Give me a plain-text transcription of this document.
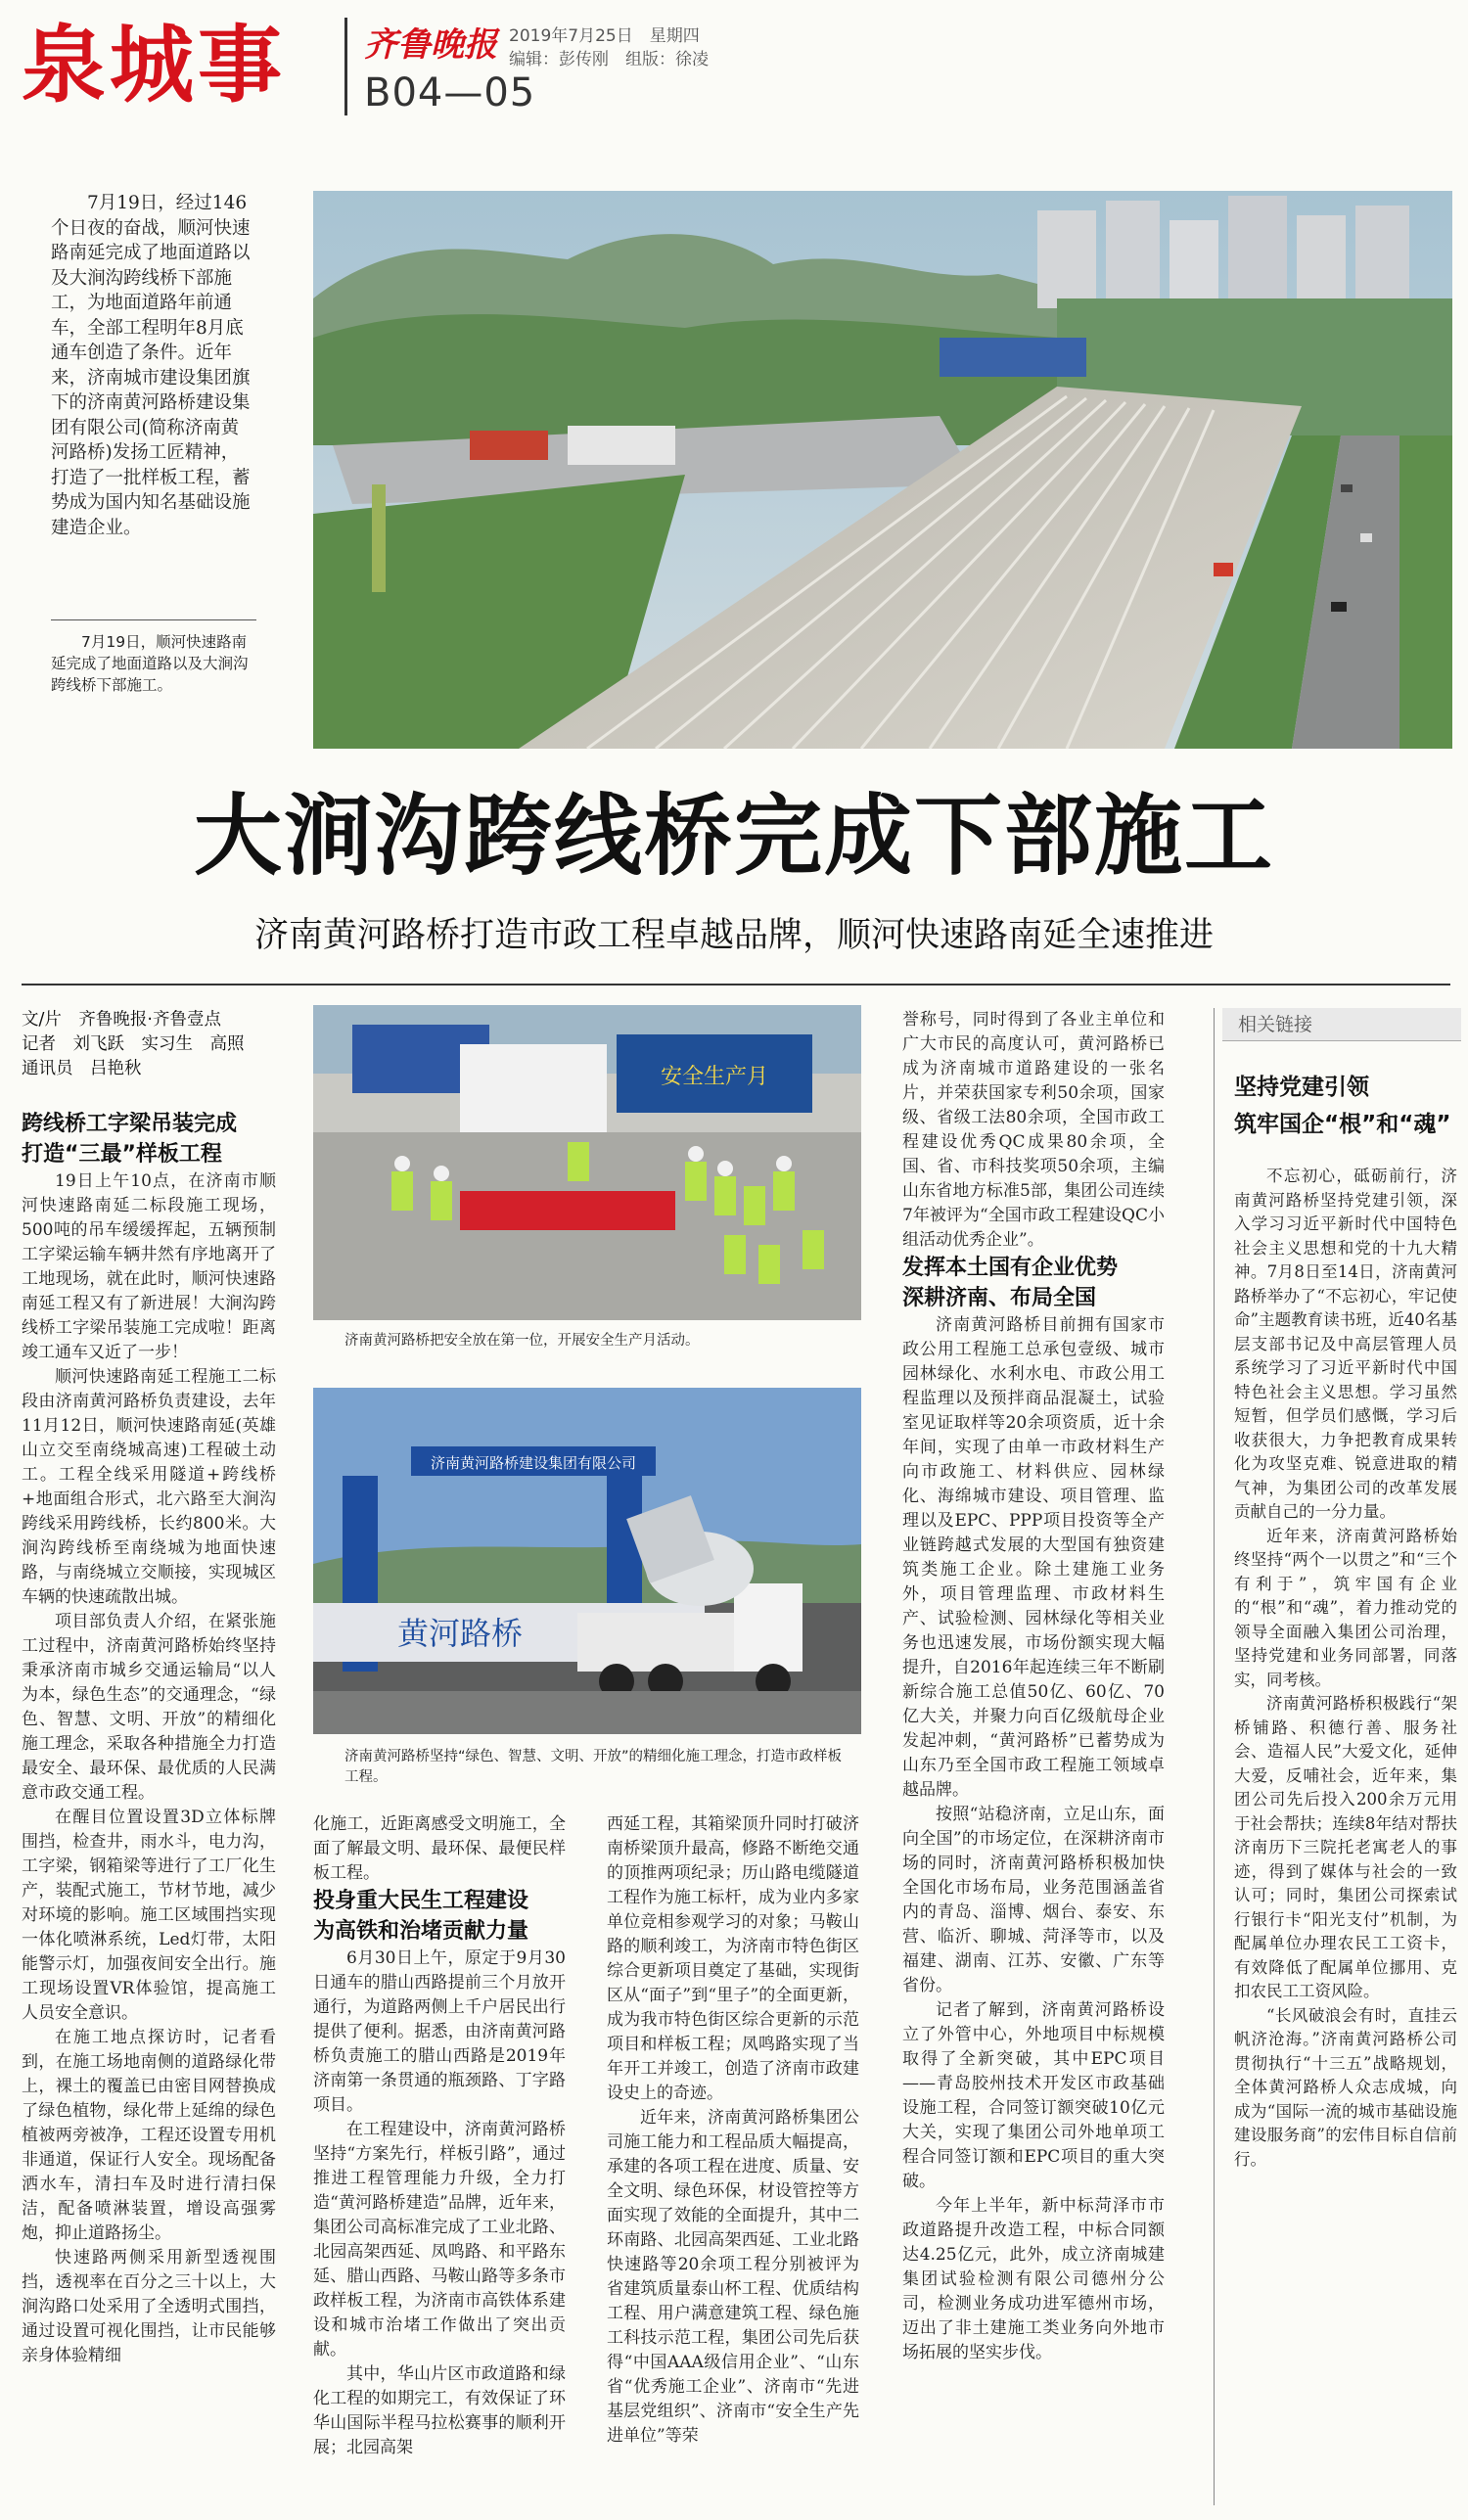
泉城事 齐鲁晚报
B04—05
2019年7月25日　星期四
编辑：彭传刚　组版：徐凌
7月19日，经过146个日夜的奋战，顺河快速路南延完成了地面道路以及大涧沟跨线桥下部施工，为地面道路年前通车，全部工程明年8月底通车创造了条件。近年来，济南城市建设集团旗下的济南黄河路桥建设集团有限公司(简称济南黄河路桥)发扬工匠精神，打造了一批样板工程，蓄势成为国内知名基础设施建造企业。
7月19日，顺河快速路南延完成了地面道路以及大涧沟跨线桥下部施工。
大涧沟跨线桥完成下部施工
济南黄河路桥打造市政工程卓越品牌，顺河快速路南延全速推进
文/片　齐鲁晚报·齐鲁壹点
记者　刘飞跃　实习生　高照
通讯员　吕艳秋

跨线桥工字梁吊装完成
打造“三最”样板工程

19日上午10点，在济南市顺河快速路南延二标段施工现场，500吨的吊车缓缓挥起，五辆预制工字梁运输车辆井然有序地离开了工地现场，就在此时，顺河快速路南延工程又有了新进展！大涧沟跨线桥工字梁吊装施工完成啦！距离竣工通车又近了一步！

顺河快速路南延工程施工二标段由济南黄河路桥负责建设，去年11月12日，顺河快速路南延(英雄山立交至南绕城高速)工程破土动工。工程全线采用隧道+跨线桥+地面组合形式，北六路至大涧沟跨线采用跨线桥，长约800米。大涧沟跨线桥至南绕城为地面快速路，与南绕城立交顺接，实现城区车辆的快速疏散出城。

项目部负责人介绍，在紧张施工过程中，济南黄河路桥始终坚持秉承济南市城乡交通运输局“以人为本，绿色生态”的交通理念，“绿色、智慧、文明、开放”的精细化施工理念，采取各种措施全力打造最安全、最环保、最优质的人民满意市政交通工程。

在醒目位置设置3D立体标牌围挡，检查井，雨水斗，电力沟，工字梁，钢箱梁等进行了工厂化生产，装配式施工，节材节地，减少对环境的影响。施工区域围挡实现一体化喷淋系统，Led灯带，太阳能警示灯，加强夜间安全出行。施工现场设置VR体验馆，提高施工人员安全意识。

在施工地点探访时，记者看到，在施工场地南侧的道路绿化带上，裸土的覆盖已由密目网替换成了绿色植物，绿化带上延绵的绿色植被两旁被净，工程还设置专用机非通道，保证行人安全。现场配备洒水车，清扫车及时进行清扫保洁，配备喷淋装置，增设高强雾炮，抑止道路扬尘。

快速路两侧采用新型透视围挡，透视率在百分之三十以上，大涧沟路口处采用了全透明式围挡，通过设置可视化围挡，让市民能够亲身体验精细

安全生产月
济南黄河路桥把安全放在第一位，开展安全生产月活动。
济南黄河路桥建设集团有限公司
黄河路桥
济南黄河路桥坚持“绿色、智慧、文明、开放”的精细化施工理念，打造市政样板工程。

化施工，近距离感受文明施工，全面了解最文明、最环保、最便民样板工程。

投身重大民生工程建设
为高铁和治堵贡献力量

6月30日上午，原定于9月30日通车的腊山西路提前三个月放开通行，为道路两侧上千户居民出行提供了便利。据悉，由济南黄河路桥负责施工的腊山西路是2019年济南第一条贯通的瓶颈路、丁字路项目。

在工程建设中，济南黄河路桥坚持“方案先行，样板引路”，通过推进工程管理能力升级，全力打造“黄河路桥建造”品牌，近年来，集团公司高标准完成了工业北路、北园高架西延、凤鸣路、和平路东延、腊山西路、马鞍山路等多条市政样板工程，为济南市高铁体系建设和城市治堵工作做出了突出贡献。

其中，华山片区市政道路和绿化工程的如期完工，有效保证了环华山国际半程马拉松赛事的顺利开展；北园高架

西延工程，其箱梁顶升同时打破济南桥梁顶升最高，修路不断绝交通的顶推两项纪录；历山路电缆隧道工程作为施工标杆，成为业内多家单位竞相参观学习的对象；马鞍山路的顺利竣工，为济南市特色街区综合更新项目奠定了基础，实现街区从“面子”到“里子”的全面更新，成为我市特色街区综合更新的示范项目和样板工程；凤鸣路实现了当年开工并竣工，创造了济南市政建设史上的奇迹。

近年来，济南黄河路桥集团公司施工能力和工程品质大幅提高，承建的各项工程在进度、质量、安全文明、绿色环保，材设管控等方面实现了效能的全面提升，其中二环南路、北园高架西延、工业北路快速路等20余项工程分别被评为省建筑质量泰山杯工程、优质结构工程、用户满意建筑工程、绿色施工科技示范工程，集团公司先后获得“中国AAA级信用企业”、“山东省“优秀施工企业”、济南市“先进基层党组织”、济南市“安全生产先进单位”等荣

誉称号，同时得到了各业主单位和广大市民的高度认可，黄河路桥已成为济南城市道路建设的一张名片，并荣获国家专利50余项，国家级、省级工法80余项，全国市政工程建设优秀QC成果80余项，全国、省、市科技奖项50余项，主编山东省地方标准5部，集团公司连续7年被评为“全国市政工程建设QC小组活动优秀企业”。

发挥本土国有企业优势
深耕济南、布局全国

济南黄河路桥目前拥有国家市政公用工程施工总承包壹级、城市园林绿化、水利水电、市政公用工程监理以及预拌商品混凝土，试验室见证取样等20余项资质，近十余年间，实现了由单一市政材料生产向市政施工、材料供应、园林绿化、海绵城市建设、项目管理、监理以及EPC、PPP项目投资等全产业链跨越式发展的大型国有独资建筑类施工企业。除土建施工业务外，项目管理监理、市政材料生产、试验检测、园林绿化等相关业务也迅速发展，市场份额实现大幅提升，自2016年起连续三年不断刷新综合施工总值50亿、60亿、70亿大关，并聚力向百亿级航母企业发起冲刺，“黄河路桥”已蓄势成为山东乃至全国市政工程施工领域卓越品牌。

按照“站稳济南，立足山东，面向全国”的市场定位，在深耕济南市场的同时，济南黄河路桥积极加快全国化市场布局，业务范围涵盖省内的青岛、淄博、烟台、泰安、东营、临沂、聊城、菏泽等市，以及福建、湖南、江苏、安徽、广东等省份。

记者了解到，济南黄河路桥设立了外管中心，外地项目中标规模取得了全新突破，其中EPC项目——青岛胶州技术开发区市政基础设施工程，合同签订额突破10亿元大关，实现了集团公司外地单项工程合同签订额和EPC项目的重大突破。

今年上半年，新中标菏泽市市政道路提升改造工程，中标合同额达4.25亿元，此外，成立济南城建集团试验检测有限公司德州分公司，检测业务成功进军德州市场，迈出了非土建施工类业务向外地市场拓展的坚实步伐。

相关链接
坚持党建引领
筑牢国企“根”和“魂”

不忘初心，砥砺前行，济南黄河路桥坚持党建引领，深入学习习近平新时代中国特色社会主义思想和党的十九大精神。7月8日至14日，济南黄河路桥举办了“不忘初心，牢记使命”主题教育读书班，近40名基层支部书记及中高层管理人员系统学习了习近平新时代中国特色社会主义思想。学习虽然短暂，但学员们感慨，学习后收获很大，力争把教育成果转化为攻坚克难、锐意进取的精气神，为集团公司的改革发展贡献自己的一分力量。

近年来，济南黄河路桥始终坚持“两个一以贯之”和“三个有利于”，筑牢国有企业的“根”和“魂”，着力推动党的领导全面融入集团公司治理，坚持党建和业务同部署，同落实，同考核。

济南黄河路桥积极践行“架桥铺路、积德行善、服务社会、造福人民”大爱文化，延伸大爱，反哺社会，近年来，集团公司先后投入200余万元用于社会帮扶；连续8年结对帮扶济南历下三院托老寓老人的事迹，得到了媒体与社会的一致认可；同时，集团公司探索试行银行卡“阳光支付”机制，为配属单位办理农民工工资卡，有效降低了配属单位挪用、克扣农民工工资风险。

“长风破浪会有时，直挂云帆济沧海。”济南黄河路桥公司贯彻执行“十三五”战略规划，全体黄河路桥人众志成城，向成为“国际一流的城市基础设施建设服务商”的宏伟目标自信前行。
